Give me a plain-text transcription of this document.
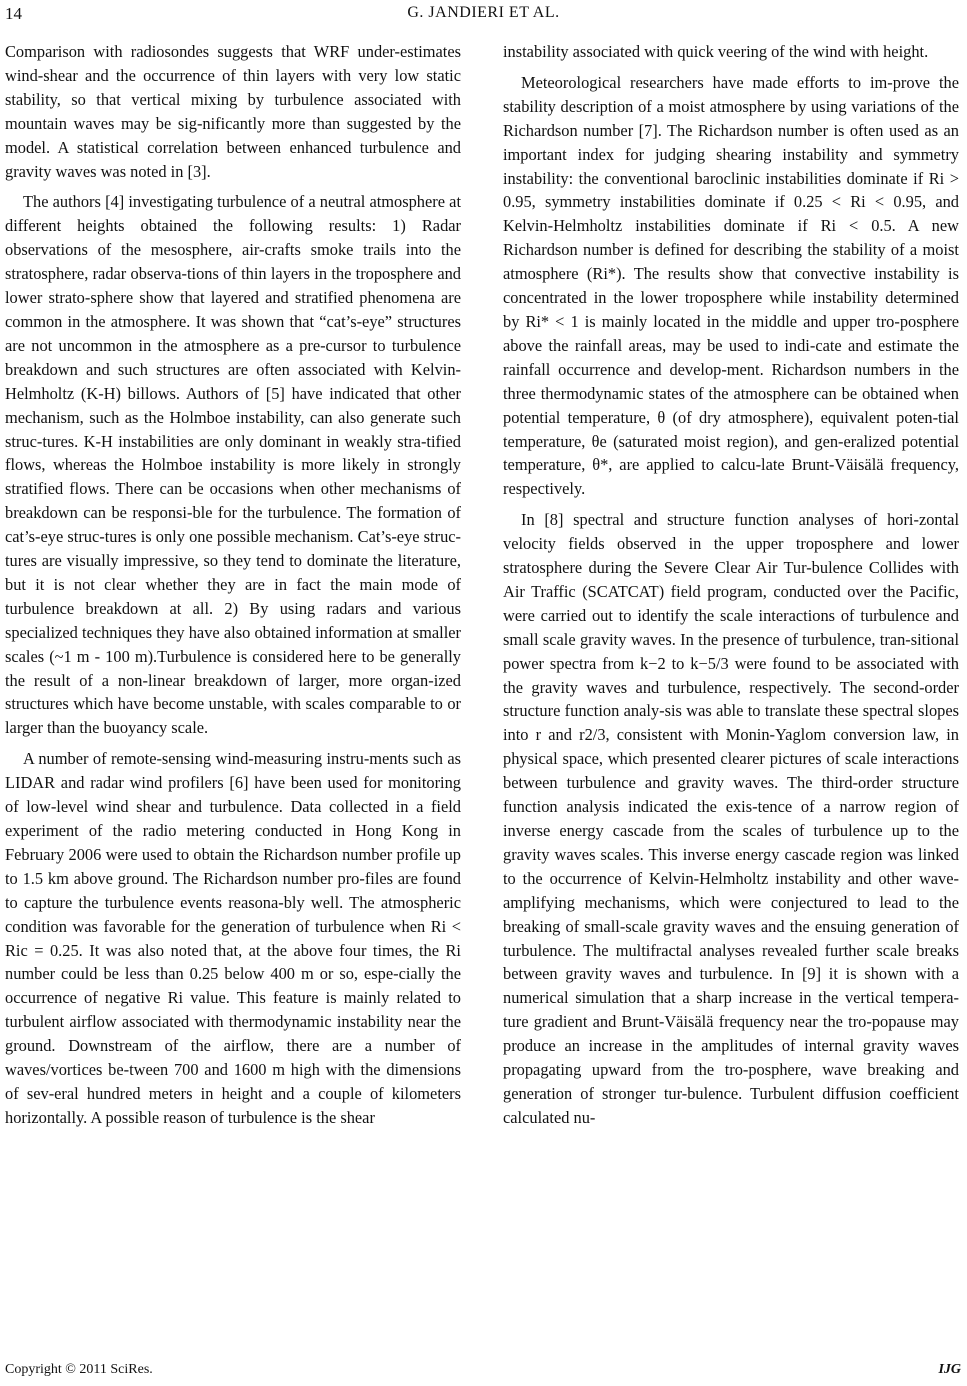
14	G. JANDIERI ET AL.

Comparison with radiosondes suggests that WRF under-estimates wind-shear and the occurrence of thin layers with very low static stability, so that vertical mixing by turbulence associated with mountain waves may be sig-nificantly more than suggested by the model. A statistical correlation between enhanced turbulence and gravity waves was noted in [3].

The authors [4] investigating turbulence of a neutral atmosphere at different heights obtained the following results: 1) Radar observations of the mesosphere, air-crafts smoke trails into the stratosphere, radar observa-tions of thin layers in the troposphere and lower strato-sphere show that layered and stratified phenomena are common in the atmosphere. It was shown that “cat’s-eye” structures are not uncommon in the atmosphere as a pre-cursor to turbulence breakdown and such structures are often associated with Kelvin-Helmholtz (K-H) billows. Authors of [5] have indicated that other mechanism, such as the Holmboe instability, can also generate such struc-tures. K-H instabilities are only dominant in weakly stra-tified flows, whereas the Holmboe instability is more likely in strongly stratified flows. There can be occasions when other mechanisms of breakdown can be responsi-ble for the turbulence. The formation of cat’s-eye struc-tures is only one possible mechanism. Cat’s-eye struc-tures are visually impressive, so they tend to dominate the literature, but it is not clear whether they are in fact the main mode of turbulence breakdown at all. 2) By using radars and various specialized techniques they have also obtained information at smaller scales (~1 m - 100 m).Turbulence is considered here to be generally the result of a non-linear breakdown of larger, more organ-ized structures which have become unstable, with scales comparable to or larger than the buoyancy scale.

A number of remote-sensing wind-measuring instru-ments such as LIDAR and radar wind profilers [6] have been used for monitoring of low-level wind shear and turbulence. Data collected in a field experiment of the radio metering conducted in Hong Kong in February 2006 were used to obtain the Richardson number profile up to 1.5 km above ground. The Richardson number pro-files are found to capture the turbulence events reasona-bly well. The atmospheric condition was favorable for the generation of turbulence when Ri < Ric = 0.25. It was also noted that, at the above four times, the Ri number could be less than 0.25 below 400 m or so, espe-cially the occurrence of negative Ri value. This feature is mainly related to turbulent airflow associated with thermodynamic instability near the ground. Downstream of the airflow, there are a number of waves/vortices be-tween 700 and 1600 m high with the dimensions of sev-eral hundred meters in height and a couple of kilometers horizontally. A possible reason of turbulence is the shear

instability associated with quick veering of the wind with height.

Meteorological researchers have made efforts to im-prove the stability description of a moist atmosphere by using variations of the Richardson number [7]. The Richardson number is often used as an important index for judging shearing instability and symmetry instability: the conventional baroclinic instabilities dominate if Ri > 0.95, symmetry instabilities dominate if 0.25 < Ri < 0.95, and Kelvin-Helmholtz instabilities dominate if Ri < 0.5. A new Richardson number is defined for describing the stability of a moist atmosphere (Ri*). The results show that convective instability is concentrated in the lower troposphere while instability determined by Ri* < 1 is mainly located in the middle and upper tro-posphere above the rainfall areas, may be used to indi-cate and estimate the rainfall occurrence and develop-ment. Richardson numbers in the three thermodynamic states of the atmosphere can be obtained when potential temperature, θ (of dry atmosphere), equivalent poten-tial temperature, θe (saturated moist region), and gen-eralized potential temperature, θ*, are applied to calcu-late Brunt-Väisälä frequency, respectively.

In [8] spectral and structure function analyses of hori-zontal velocity fields observed in the upper troposphere and lower stratosphere during the Severe Clear Air Tur-bulence Collides with Air Traffic (SCATCAT) field program, conducted over the Pacific, were carried out to identify the scale interactions of turbulence and small scale gravity waves. In the presence of turbulence, tran-sitional power spectra from k−2 to k−5/3 were found to be associated with the gravity waves and turbulence, respectively. The second-order structure function analy-sis was able to translate these spectral slopes into r and r2/3, consistent with Monin-Yaglom conversion law, in physical space, which presented clearer pictures of scale interactions between turbulence and gravity waves. The third-order structure function analysis indicated the exis-tence of a narrow region of inverse energy cascade from the scales of turbulence up to the gravity waves scales. This inverse energy cascade region was linked to the occurrence of Kelvin-Helmholtz instability and other wave-amplifying mechanisms, which were conjectured to lead to the breaking of small-scale gravity waves and the ensuing generation of turbulence. The multifractal analyses revealed further scale breaks between gravity waves and turbulence. In [9] it is shown with a numerical simulation that a sharp increase in the vertical tempera-ture gradient and Brunt-Väisälä frequency near the tro-popause may produce an increase in the amplitudes of internal gravity waves propagating upward from the tro-posphere, wave breaking and generation of stronger tur-bulence. Turbulent diffusion coefficient calculated nu-

Copyright © 2011 SciRes.	IJG
